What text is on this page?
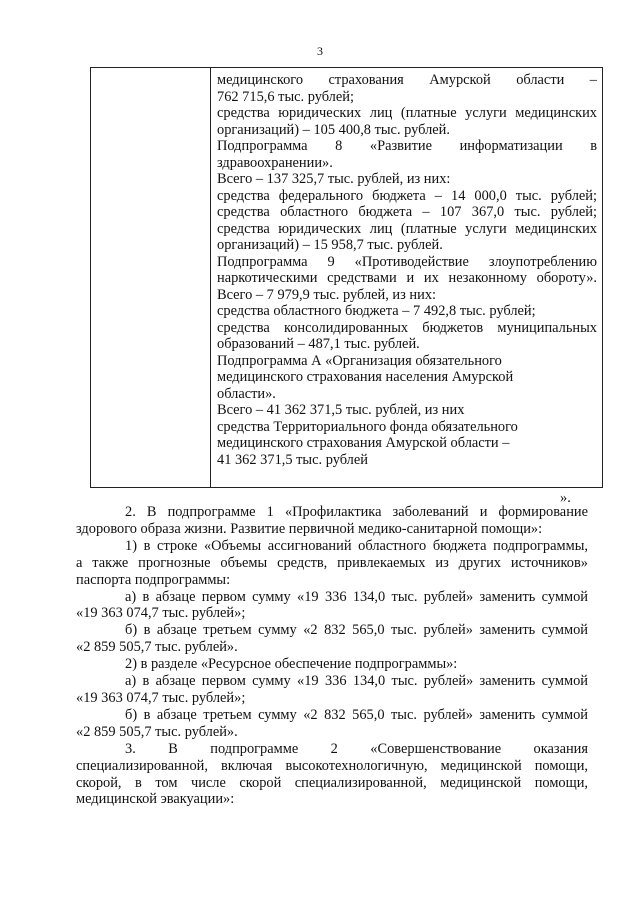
3
медицинского страхования Амурской области –
762 715,6 тыс. рублей;
средства юридических лиц (платные услуги медицинских
организаций) – 105 400,8 тыс. рублей.
Подпрограмма 8 «Развитие информатизации в
здравоохранении».
Всего – 137 325,7 тыс. рублей, из них:
средства федерального бюджета – 14 000,0 тыс. рублей;
средства областного бюджета – 107 367,0 тыс. рублей;
средства юридических лиц (платные услуги медицинских
организаций) – 15 958,7 тыс. рублей.
Подпрограмма 9 «Противодействие злоупотреблению
наркотическими средствами и их незаконному обороту».
Всего – 7 979,9 тыс. рублей, из них:
средства областного бюджета – 7 492,8 тыс. рублей;
средства консолидированных бюджетов муниципальных
образований – 487,1 тыс. рублей.
Подпрограмма А «Организация обязательного
медицинского страхования населения Амурской
области».
Всего – 41 362 371,5 тыс. рублей, из них
средства Территориального фонда обязательного
медицинского страхования Амурской области –
41 362 371,5 тыс. рублей
».
2. В подпрограмме 1 «Профилактика заболеваний и формирование
здорового образа жизни. Развитие первичной медико-санитарной помощи»:
1) в строке «Объемы ассигнований областного бюджета подпрограммы,
а также прогнозные объемы средств, привлекаемых из других источников»
паспорта подпрограммы:
а) в абзаце первом сумму «19 336 134,0 тыс. рублей» заменить суммой
«19 363 074,7 тыс. рублей»;
б) в абзаце третьем сумму «2 832 565,0 тыс. рублей» заменить суммой
«2 859 505,7 тыс. рублей».
2) в разделе «Ресурсное обеспечение подпрограммы»:
а) в абзаце первом сумму «19 336 134,0 тыс. рублей» заменить суммой
«19 363 074,7 тыс. рублей»;
б) в абзаце третьем сумму «2 832 565,0 тыс. рублей» заменить суммой
«2 859 505,7 тыс. рублей».
3. В подпрограмме 2 «Совершенствование оказания
специализированной, включая высокотехнологичную, медицинской помощи,
скорой, в том числе скорой специализированной, медицинской помощи,
медицинской эвакуации»:
